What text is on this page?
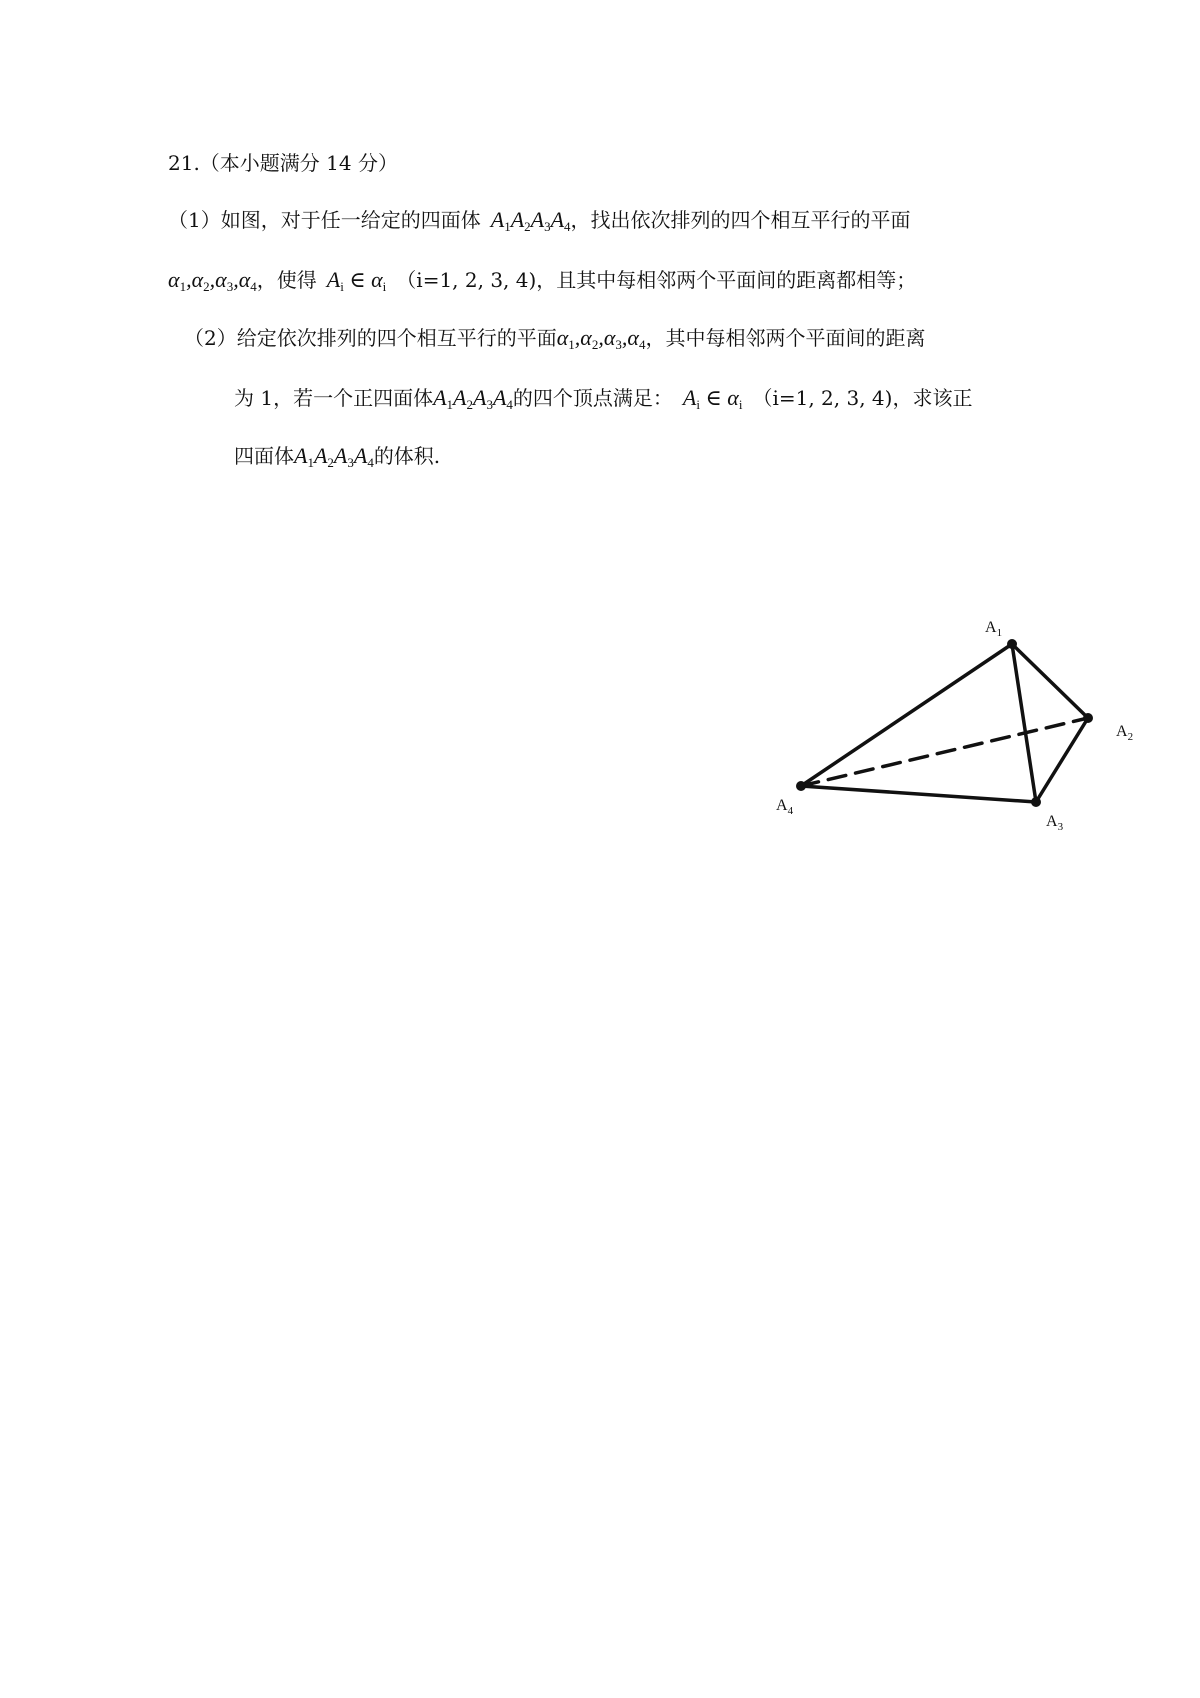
21.（本小题满分 14 分）
（1）如图，对于任一给定的四面体 $A_1A_2A_3A_4$，找出依次排列的四个相互平行的平面
$\alpha_1,\alpha_2,\alpha_3,\alpha_4$，使得 $A_i$ ∈ $\alpha_i$ （i=1, 2, 3, 4)，且其中每相邻两个平面间的距离都相等；
（2）给定依次排列的四个相互平行的平面$\alpha_1,\alpha_2,\alpha_3,\alpha_4$，其中每相邻两个平面间的距离
为 1，若一个正四面体$A_1A_2A_3A_4$的四个顶点满足： $A_i$ ∈ $\alpha_i$ （i=1, 2, 3, 4)，求该正
四面体$A_1A_2A_3A_4$的体积.
$A_1$
$A_2$
$A_3$
$A_4$
